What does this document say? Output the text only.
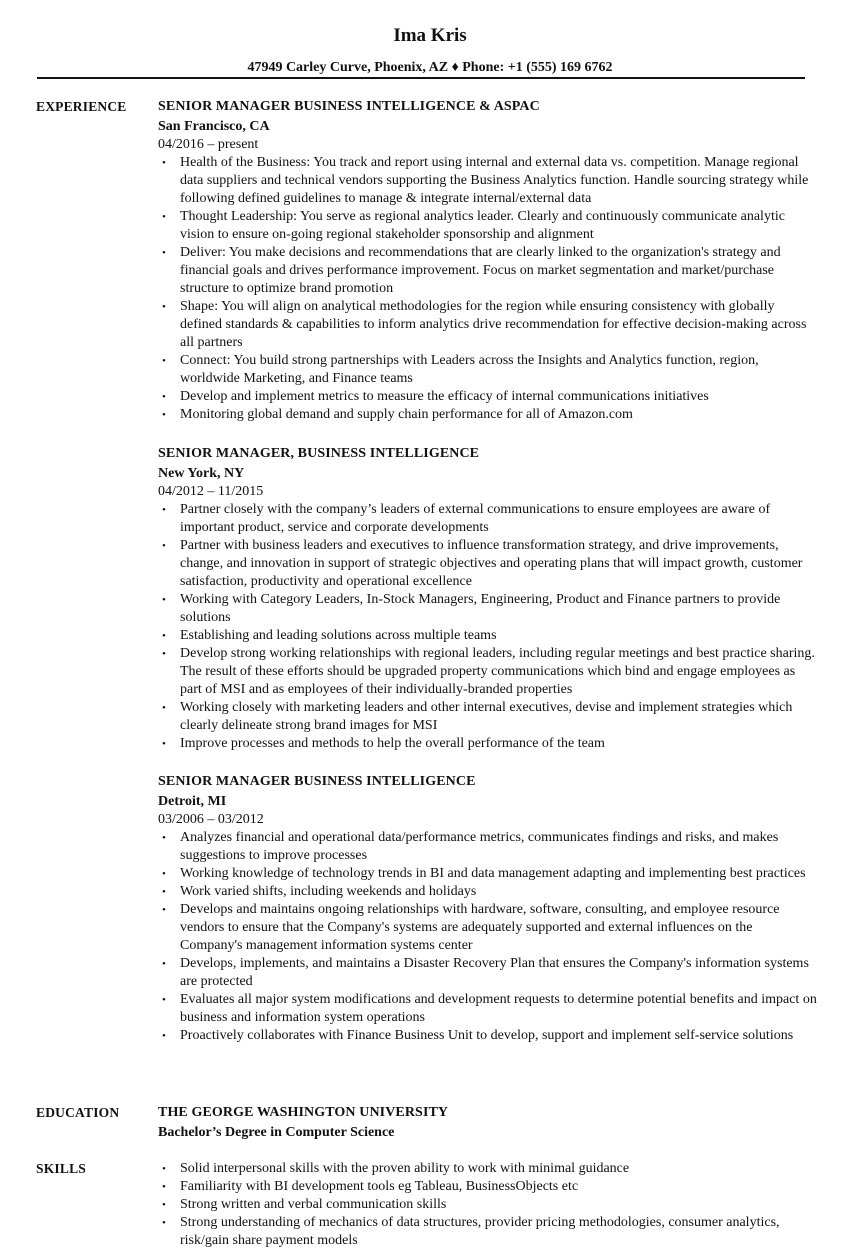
Ima Kris
47949 Carley Curve, Phoenix, AZ ♦ Phone: +1 (555) 169 6762
EXPERIENCE SENIOR MANAGER BUSINESS INTELLIGENCE & ASPAC
San Francisco, CA
04/2016 – present
• Health of the Business: You track and report using internal and external data vs. competition. Manage regional data suppliers and technical vendors supporting the Business Analytics function. Handle sourcing strategy while following defined guidelines to manage & integrate internal/external data
• Thought Leadership: You serve as regional analytics leader. Clearly and continuously communicate analytic vision to ensure on-going regional stakeholder sponsorship and alignment
• Deliver: You make decisions and recommendations that are clearly linked to the organization's strategy and financial goals and drives performance improvement. Focus on market segmentation and market/purchase structure to optimize brand promotion
• Shape: You will align on analytical methodologies for the region while ensuring consistency with globally defined standards & capabilities to inform analytics drive recommendation for effective decision-making across all partners
• Connect: You build strong partnerships with Leaders across the Insights and Analytics function, region, worldwide Marketing, and Finance teams
• Develop and implement metrics to measure the efficacy of internal communications initiatives
• Monitoring global demand and supply chain performance for all of Amazon.com
SENIOR MANAGER, BUSINESS INTELLIGENCE
New York, NY
04/2012 – 11/2015
• Partner closely with the company’s leaders of external communications to ensure employees are aware of important product, service and corporate developments
• Partner with business leaders and executives to influence transformation strategy, and drive improvements, change, and innovation in support of strategic objectives and operating plans that will impact growth, customer satisfaction, productivity and operational excellence
• Working with Category Leaders, In-Stock Managers, Engineering, Product and Finance partners to provide solutions
• Establishing and leading solutions across multiple teams
• Develop strong working relationships with regional leaders, including regular meetings and best practice sharing. The result of these efforts should be upgraded property communications which bind and engage employees as part of MSI and as employees of their individually-branded properties
• Working closely with marketing leaders and other internal executives, devise and implement strategies which clearly delineate strong brand images for MSI
• Improve processes and methods to help the overall performance of the team
SENIOR MANAGER BUSINESS INTELLIGENCE
Detroit, MI
03/2006 – 03/2012
• Analyzes financial and operational data/performance metrics, communicates findings and risks, and makes suggestions to improve processes
• Working knowledge of technology trends in BI and data management adapting and implementing best practices
• Work varied shifts, including weekends and holidays
• Develops and maintains ongoing relationships with hardware, software, consulting, and employee resource vendors to ensure that the Company's systems are adequately supported and external influences on the Company's management information systems center
• Develops, implements, and maintains a Disaster Recovery Plan that ensures the Company's information systems are protected
• Evaluates all major system modifications and development requests to determine potential benefits and impact on business and information system operations
• Proactively collaborates with Finance Business Unit to develop, support and implement self-service solutions
EDUCATION	THE GEORGE WASHINGTON UNIVERSITY
Bachelor’s Degree in Computer Science
SKILLS	• Solid interpersonal skills with the proven ability to work with minimal guidance
• Familiarity with BI development tools eg Tableau, BusinessObjects etc
• Strong written and verbal communication skills
• Strong understanding of mechanics of data structures, provider pricing methodologies, consumer analytics, risk/gain share payment models
